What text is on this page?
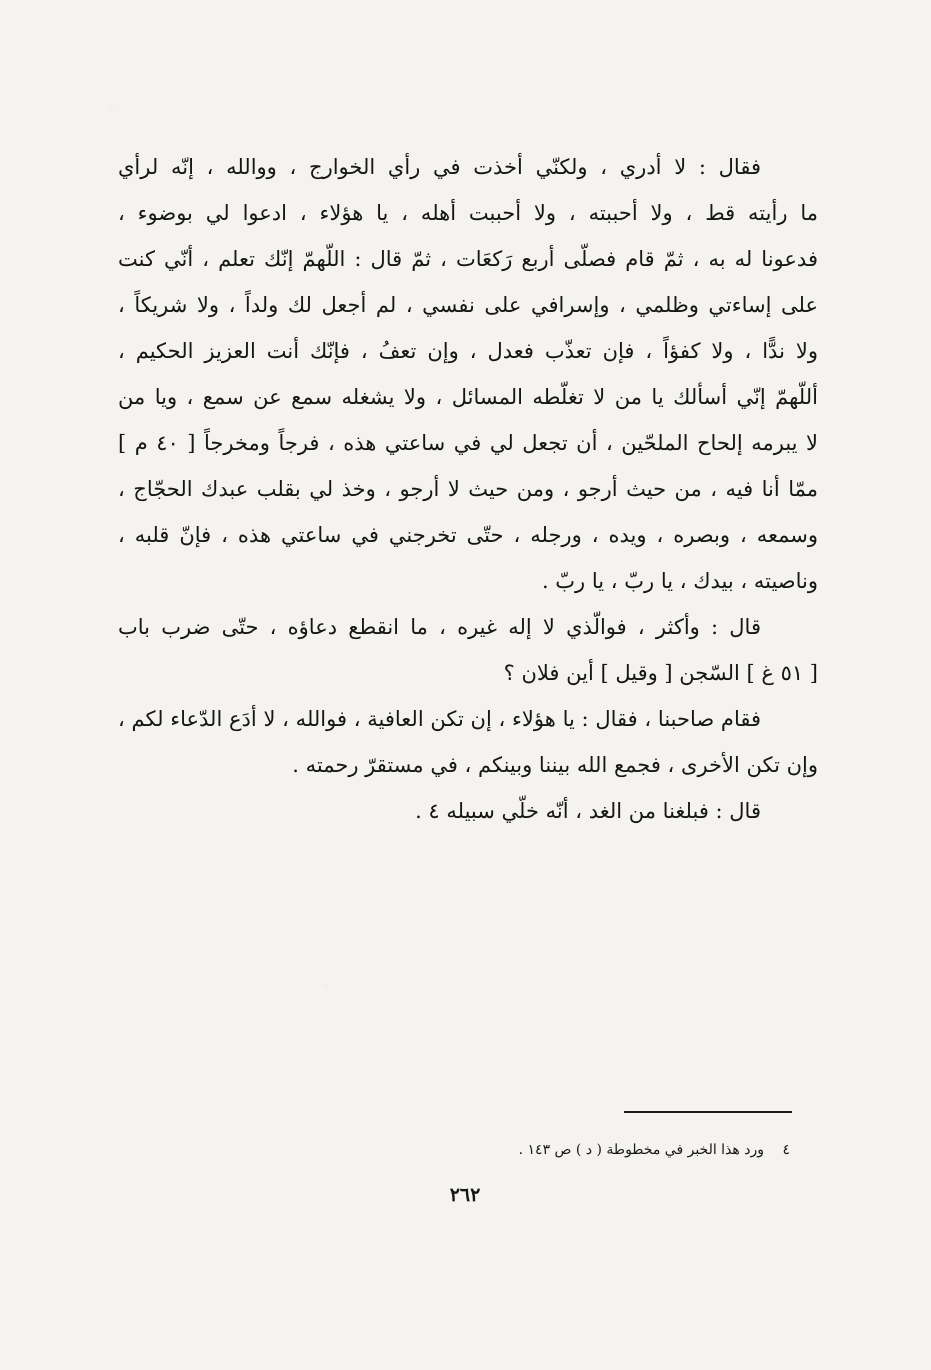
فقال : لا أدري ، ولكنّي أخذت في رأي الخوارج ، ووالله ، إنّه لرأي
ما رأيته قط ، ولا أحببته ، ولا أحببت أهله ، يا هؤلاء ، ادعوا لي بوضوء ،
فدعونا له به ، ثمّ قام فصلّى أربع رَكعَات ، ثمّ قال : اللّهمّ إنّك تعلم ، أنّي كنت
على إساءتي وظلمي ، وإسرافي على نفسي ، لم أجعل لك ولداً ، ولا شريكاً ،
ولا ندًّا ، ولا كفؤاً ، فإن تعذّب فعدل ، وإن تعفُ ، فإنّك أنت العزيز الحكيم ،
أللّهمّ إنّي أسألك يا من لا تغلّطه المسائل ، ولا يشغله سمع عن سمع ، ويا من
لا يبرمه إلحاح الملحّين ، أن تجعل لي في ساعتي هذه ، فرجاً ومخرجاً [ ٤٠ م ]
ممّا أنا فيه ، من حيث أرجو ، ومن حيث لا أرجو ، وخذ لي بقلب عبدك الحجّاج ،
وسمعه ، وبصره ، ويده ، ورجله ، حتّى تخرجني في ساعتي هذه ، فإنّ قلبه ،
وناصيته ، بيدك ، يا ربّ ، يا ربّ .
قال : وأكثر ، فوالّذي لا إله غيره ، ما انقطع دعاؤه ، حتّى ضرب باب
[ ٥١ غ ] السّجن [ وقيل ] أين فلان ؟
فقام صاحبنا ، فقال : يا هؤلاء ، إن تكن العافية ، فوالله ، لا أدَع الدّعاء لكم ،
وإن تكن الأخرى ، فجمع الله بيننا وبينكم ، في مستقرّ رحمته .
قال : فبلغنا من الغد ، أنّه خلّي سبيله ٤ .
٤ ورد هذا الخبر في مخطوطة ( د ) ص ١٤٣ .
٢٦٢
